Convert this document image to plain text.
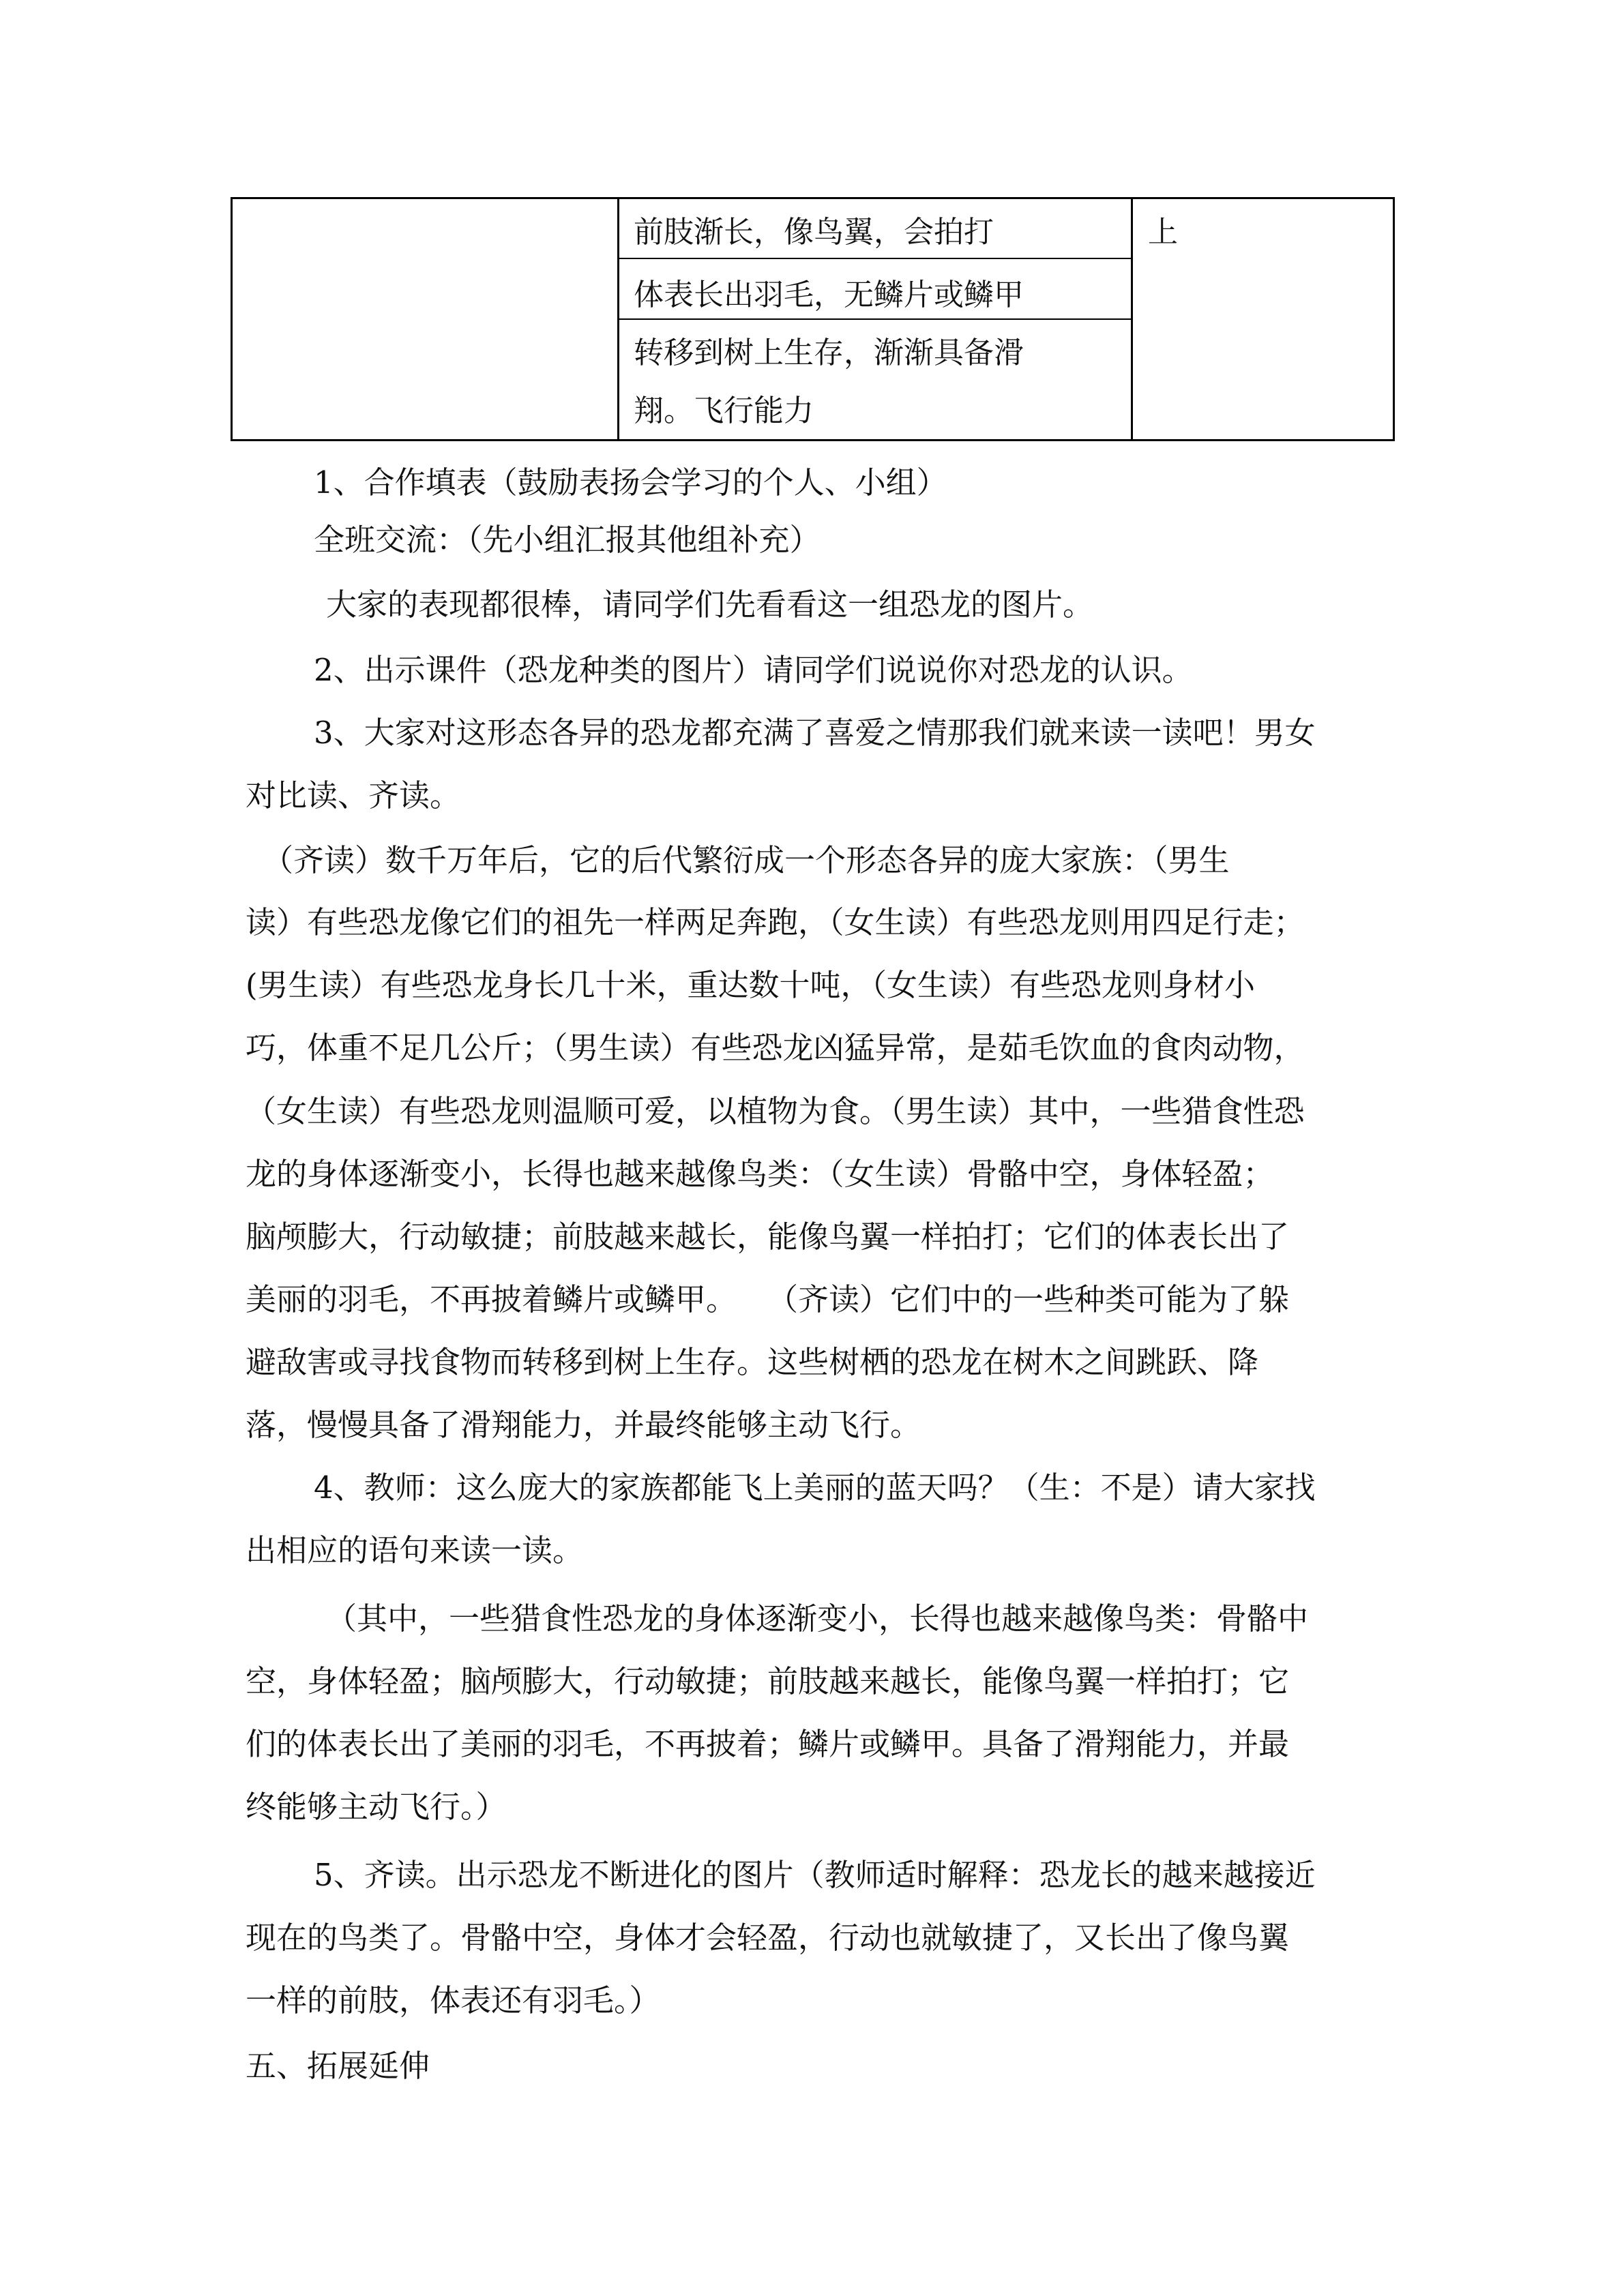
上
前肢渐长，像鸟翼，会拍打
体表长出羽毛，无鳞片或鳞甲
转移到树上生存，渐渐具备滑
翔。飞行能力
1、合作填表（鼓励表扬会学习的个人、小组）
全班交流：（先小组汇报其他组补充）
大家的表现都很棒，请同学们先看看这一组恐龙的图片。
2、出示课件（恐龙种类的图片）请同学们说说你对恐龙的认识。
3、大家对这形态各异的恐龙都充满了喜爱之情那我们就来读一读吧！男女
对比读、齐读。
（齐读）数千万年后，它的后代繁衍成一个形态各异的庞大家族：（男生
读）有些恐龙像它们的祖先一样两足奔跑，（女生读）有些恐龙则用四足行走；
(男生读）有些恐龙身长几十米，重达数十吨，（女生读）有些恐龙则身材小
巧，体重不足几公斤；（男生读）有些恐龙凶猛异常，是茹毛饮血的食肉动物，
（女生读）有些恐龙则温顺可爱，以植物为食。（男生读）其中，一些猎食性恐
龙的身体逐渐变小，长得也越来越像鸟类：（女生读）骨骼中空，身体轻盈；
脑颅膨大，行动敏捷；前肢越来越长，能像鸟翼一样拍打；它们的体表长出了
美丽的羽毛，不再披着鳞片或鳞甲。　　（齐读）它们中的一些种类可能为了躲
避敌害或寻找食物而转移到树上生存。这些树栖的恐龙在树木之间跳跃、降
落，慢慢具备了滑翔能力，并最终能够主动飞行。
4、教师：这么庞大的家族都能飞上美丽的蓝天吗？（生：不是）请大家找
出相应的语句来读一读。
（其中，一些猎食性恐龙的身体逐渐变小，长得也越来越像鸟类：骨骼中
空，身体轻盈；脑颅膨大，行动敏捷；前肢越来越长，能像鸟翼一样拍打；它
们的体表长出了美丽的羽毛，不再披着；鳞片或鳞甲。具备了滑翔能力，并最
终能够主动飞行。）
5、齐读。出示恐龙不断进化的图片（教师适时解释：恐龙长的越来越接近
现在的鸟类了。骨骼中空，身体才会轻盈，行动也就敏捷了，又长出了像鸟翼
一样的前肢，体表还有羽毛。）
五、拓展延伸
